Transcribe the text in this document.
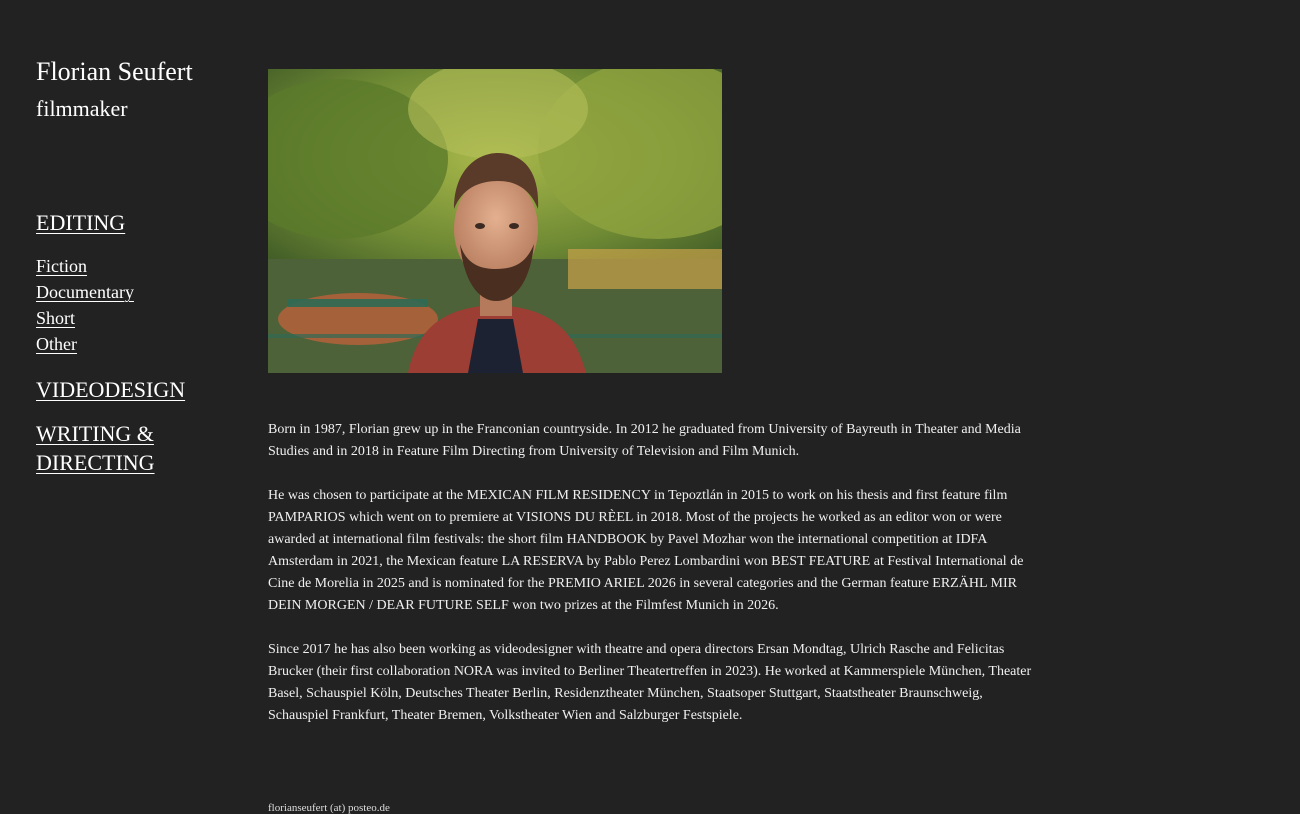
Florian Seufert
filmmaker
EDITING
Fiction
Documentary
Short
Other
VIDEODESIGN
WRITING &
DIRECTING

Born in 1987, Florian grew up in the Franconian countryside. In 2012 he graduated from University of Bayreuth in Theater and Media Studies and in 2018 in Feature Film Directing from University of Television and Film Munich.

He was chosen to participate at the MEXICAN FILM RESIDENCY in Tepoztlán in 2015 to work on his thesis and first feature film PAMPARIOS which went on to premiere at VISIONS DU RÈEL in 2018. Most of the projects he worked as an editor won or were awarded at international film festivals: the short film HANDBOOK by Pavel Mozhar won the international competition at IDFA Amsterdam in 2021, the Mexican feature LA RESERVA by Pablo Perez Lombardini won BEST FEATURE at Festival International de Cine de Morelia in 2025 and is nominated for the PREMIO ARIEL 2026 in several categories and the German feature ERZÄHL MIR DEIN MORGEN / DEAR FUTURE SELF won two prizes at the Filmfest Munich in 2026.

Since 2017 he has also been working as videodesigner with theatre and opera directors Ersan Mondtag, Ulrich Rasche and Felicitas Brucker (their first collaboration NORA was invited to Berliner Theatertreffen in 2023). He worked at Kammerspiele München, Theater Basel, Schauspiel Köln, Deutsches Theater Berlin, Residenztheater München, Staatsoper Stuttgart, Staatstheater Braunschweig, Schauspiel Frankfurt, Theater Bremen, Volkstheater Wien and Salzburger Festspiele.

florianseufert (at) posteo.de
